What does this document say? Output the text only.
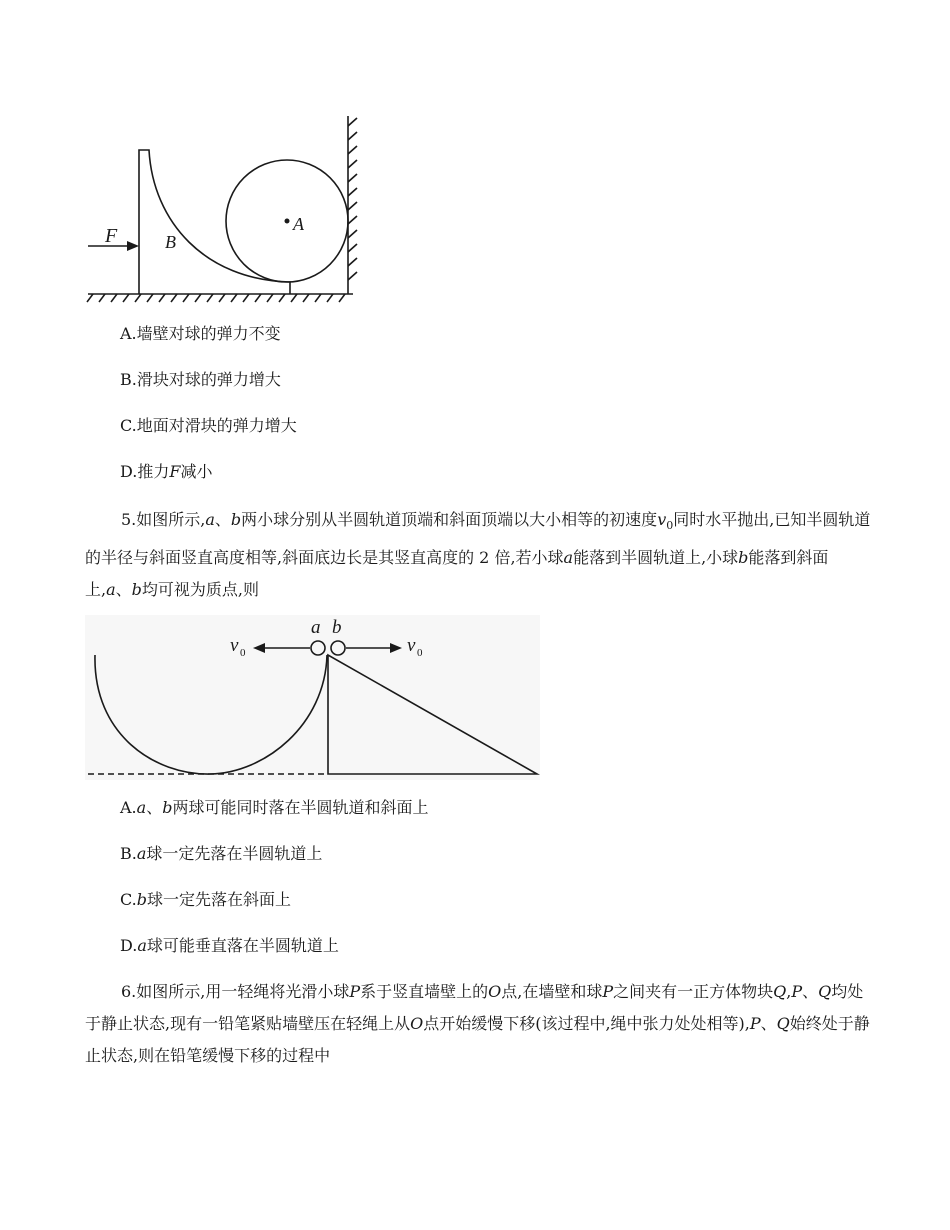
F	B
A
A.墙壁对球的弹力不变
B.滑块对球的弹力增大
C.地面对滑块的弹力增大
D.推力F减小

5.如图所示,a、b两小球分别从半圆轨道顶端和斜面顶端以大小相等的初速度$v_0$同时水平抛出,已知半圆轨道的半径与斜面竖直高度相等,斜面底边长是其竖直高度的 2 倍,若小球a能落到半圆轨道上,小球b能落到斜面上,a、b均可视为质点,则

a b
v 0	v 0
A.a、b两球可能同时落在半圆轨道和斜面上
B.a球一定先落在半圆轨道上
C.b球一定先落在斜面上
D.a球可能垂直落在半圆轨道上

6.如图所示,用一轻绳将光滑小球P系于竖直墙壁上的O点,在墙壁和球P之间夹有一正方体物块Q,P、Q均处于静止状态,现有一铅笔紧贴墙壁压在轻绳上从O点开始缓慢下移(该过程中,绳中张力处处相等),P、Q始终处于静止状态,则在铅笔缓慢下移的过程中
